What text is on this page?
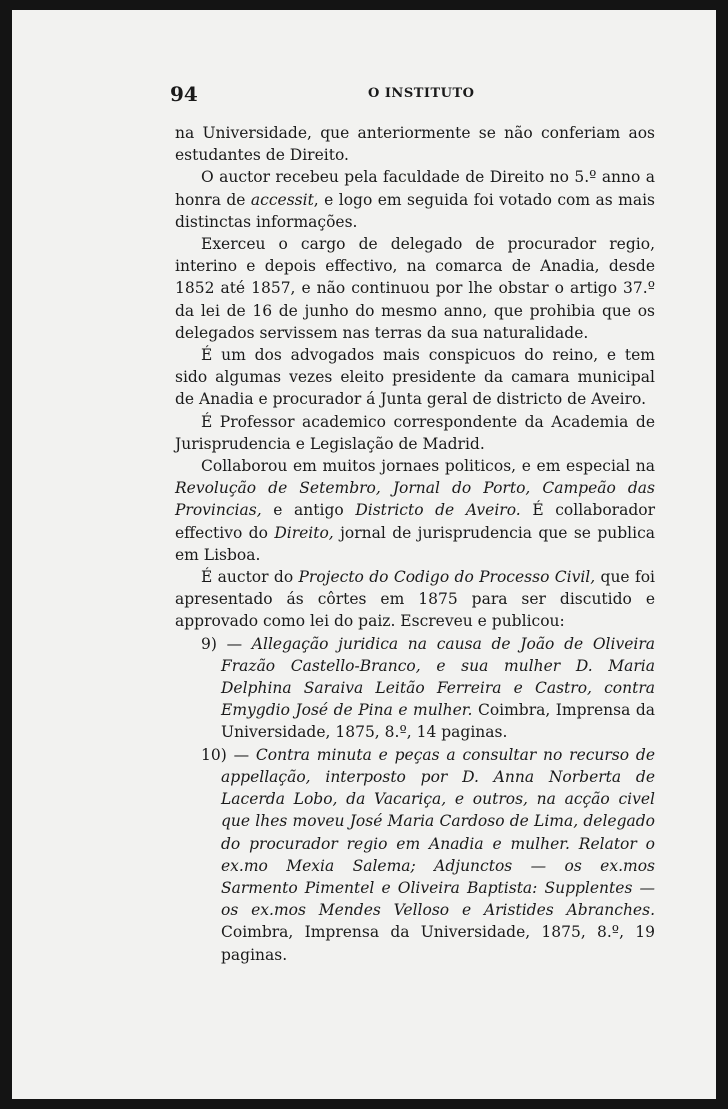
94	O INSTITUTO

na Universidade, que anteriormente se não conferiam aos estudantes de Direito.

O auctor recebeu pela faculdade de Direito no 5.º anno a honra de accessit, e logo em seguida foi votado com as mais distinctas informações.

Exerceu o cargo de delegado de procurador regio, interino e depois effectivo, na comarca de Anadia, desde 1852 até 1857, e não continuou por lhe obstar o artigo 37.º da lei de 16 de junho do mesmo anno, que prohibia que os delegados servissem nas terras da sua naturalidade.

É um dos advogados mais conspicuos do reino, e tem sido algumas vezes eleito presidente da camara municipal de Anadia e procurador á Junta geral de districto de Aveiro.

É Professor academico correspondente da Academia de Jurisprudencia e Legislação de Madrid.

Collaborou em muitos jornaes politicos, e em especial na Revolução de Setembro, Jornal do Porto, Campeão das Provincias, e antigo Districto de Aveiro. É collaborador effectivo do Direito, jornal de jurisprudencia que se publica em Lisboa.

É auctor do Projecto do Codigo do Processo Civil, que foi apresentado ás côrtes em 1875 para ser discutido e approvado como lei do paiz. Escreveu e publicou:

9) — Allegação juridica na causa de João de Oliveira Frazão Castello-Branco, e sua mulher D. Maria Delphina Saraiva Leitão Ferreira e Castro, contra Emygdio José de Pina e mulher. Coimbra, Imprensa da Universidade, 1875, 8.º, 14 paginas.

10) — Contra minuta e peças a consultar no recurso de appellação, interposto por D. Anna Norberta de Lacerda Lobo, da Vacariça, e outros, na acção civel que lhes moveu José Maria Cardoso de Lima, delegado do procurador regio em Anadia e mulher. Relator o ex.mo Mexia Salema; Adjunctos — os ex.mos Sarmento Pimentel e Oliveira Baptista: Supplentes — os ex.mos Mendes Velloso e Aristides Abranches. Coimbra, Imprensa da Universidade, 1875, 8.º, 19 paginas.
